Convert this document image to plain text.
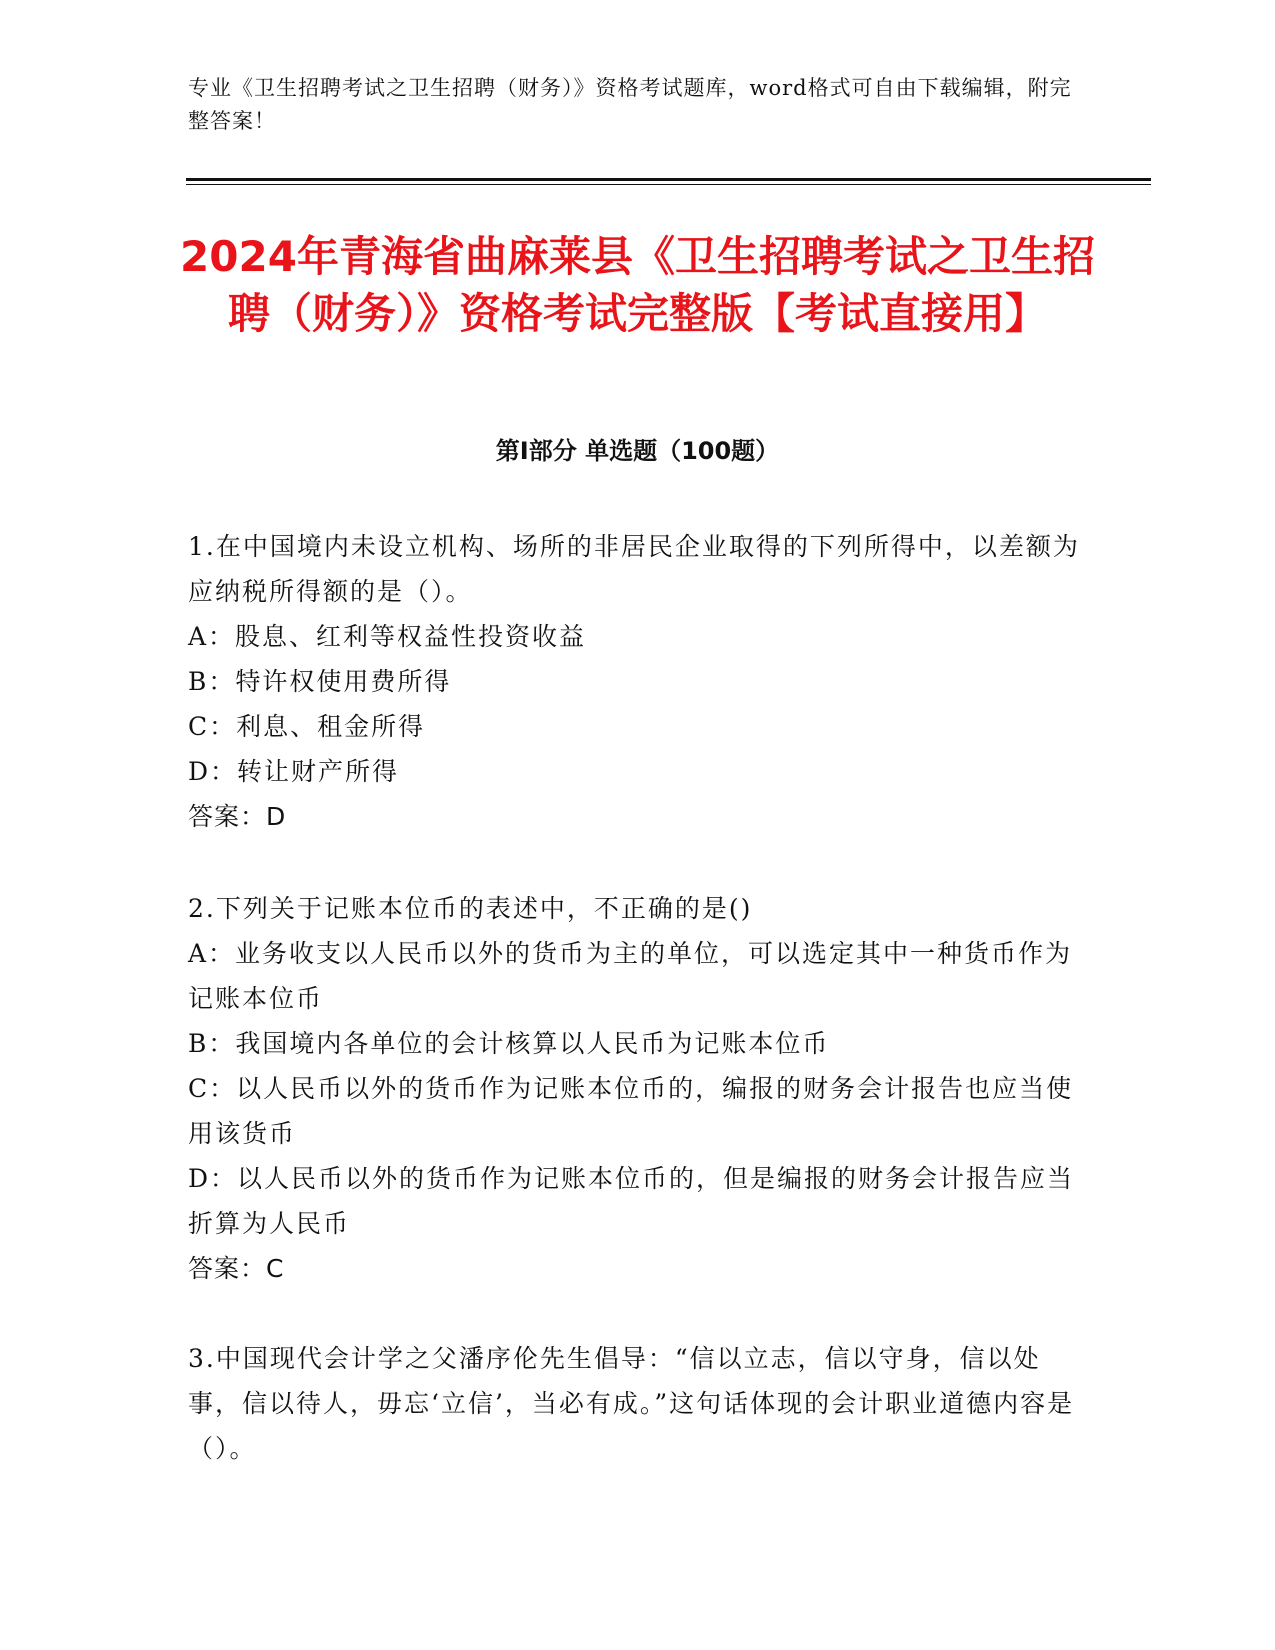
专业《卫生招聘考试之卫生招聘（财务）》资格考试题库，word格式可自由下载编辑，附完整答案！
2024年青海省曲麻莱县《卫生招聘考试之卫生招聘（财务）》资格考试完整版【考试直接用】
第Ⅰ部分 单选题（100题）
1.在中国境内未设立机构、场所的非居民企业取得的下列所得中，以差额为应纳税所得额的是（）。
A：股息、红利等权益性投资收益
B：特许权使用费所得
C：利息、租金所得
D：转让财产所得
答案：D
2.下列关于记账本位币的表述中，不正确的是()
A：业务收支以人民币以外的货币为主的单位，可以选定其中一种货币作为记账本位币
B：我国境内各单位的会计核算以人民币为记账本位币
C：以人民币以外的货币作为记账本位币的，编报的财务会计报告也应当使用该货币
D：以人民币以外的货币作为记账本位币的，但是编报的财务会计报告应当折算为人民币
答案：C
3.中国现代会计学之父潘序伦先生倡导：“信以立志，信以守身，信以处事，信以待人，毋忘‘立信’，当必有成。”这句话体现的会计职业道德内容是（）。
